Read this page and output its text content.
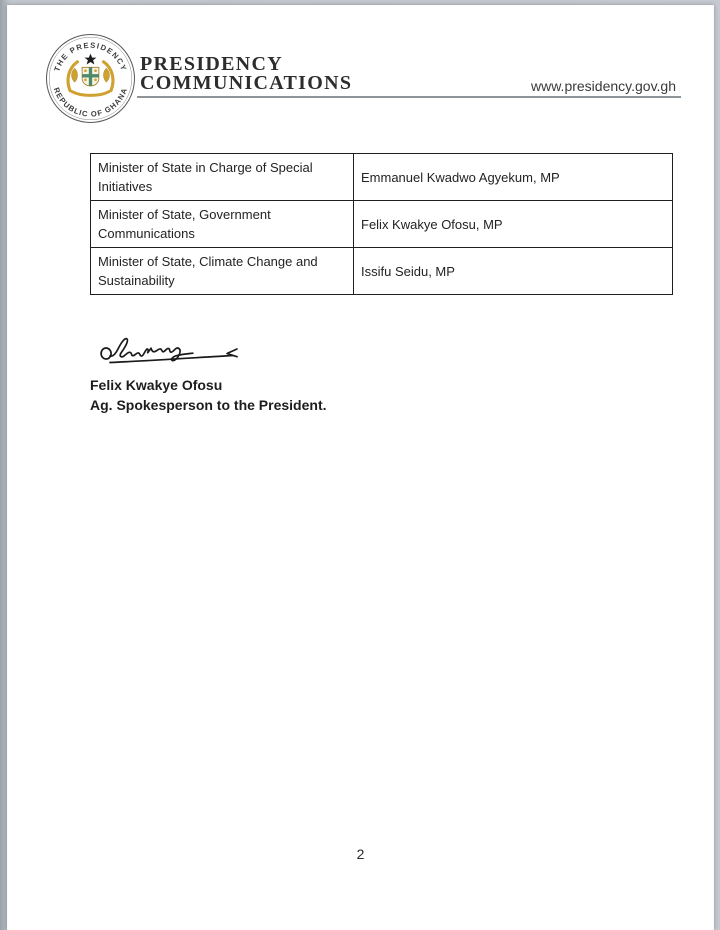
THE PRESIDENCY
REPUBLIC OF GHANA
PRESIDENCY
COMMUNICATIONS	www.presidency.gov.gh
Minister of State in Charge of Special Initiatives	Emmanuel Kwadwo Agyekum, MP
Minister of State, Government Communications	Felix Kwakye Ofosu, MP
Minister of State, Climate Change and Sustainability	Issifu Seidu, MP
Felix Kwakye Ofosu
Ag. Spokesperson to the President.
2
